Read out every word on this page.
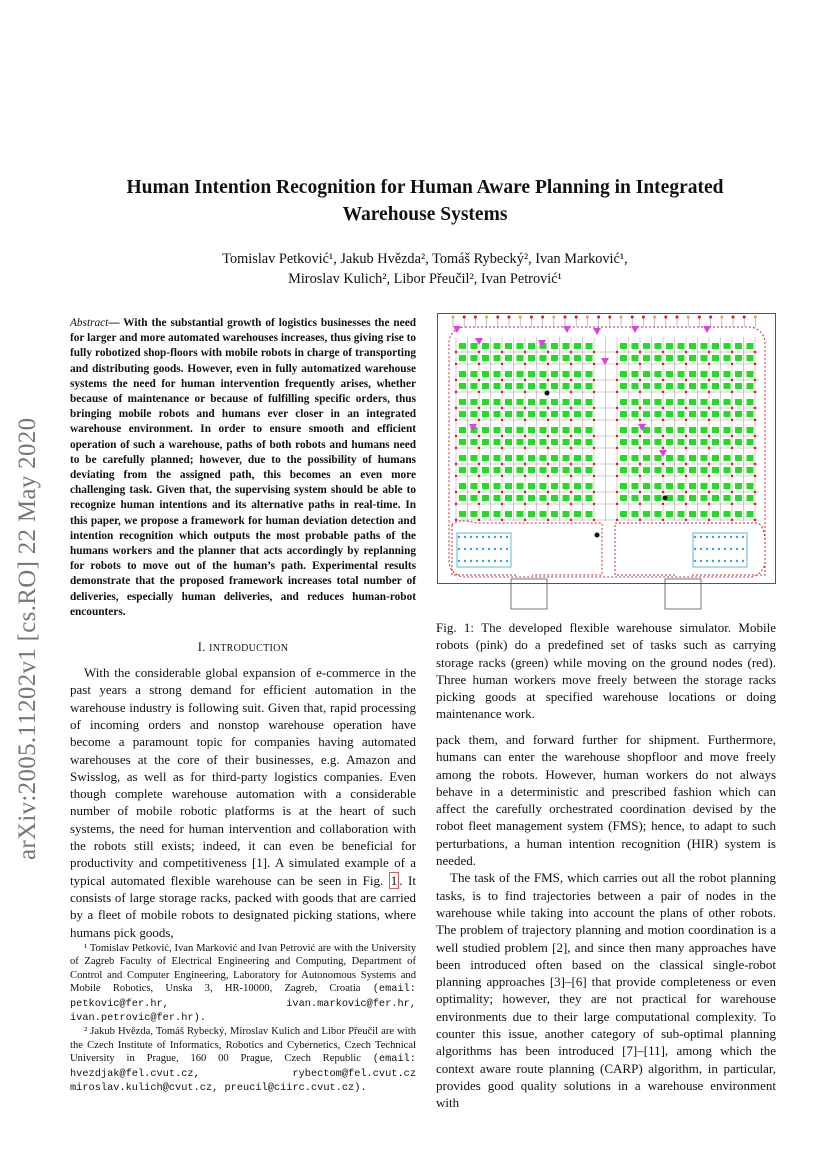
arXiv:2005.11202v1 [cs.RO] 22 May 2020
Human Intention Recognition for Human Aware Planning in Integrated
Warehouse Systems
Tomislav Petković¹, Jakub Hvězda², Tomáš Rybecký², Ivan Marković¹,
Miroslav Kulich², Libor Přeučil², Ivan Petrović¹
Abstract— With the substantial growth of logistics businesses the need for larger and more automated warehouses increases, thus giving rise to fully robotized shop-floors with mobile robots in charge of transporting and distributing goods. However, even in fully automatized warehouse systems the need for human intervention frequently arises, whether because of maintenance or because of fulfilling specific orders, thus bringing mobile robots and humans ever closer in an integrated warehouse environment. In order to ensure smooth and efficient operation of such a warehouse, paths of both robots and humans need to be carefully planned; however, due to the possibility of humans deviating from the assigned path, this becomes an even more challenging task. Given that, the supervising system should be able to recognize human intentions and its alternative paths in real-time. In this paper, we propose a framework for human deviation detection and intention recognition which outputs the most probable paths of the humans workers and the planner that acts accordingly by replanning for robots to move out of the human’s path. Experimental results demonstrate that the proposed framework increases total number of deliveries, especially human deliveries, and reduces human-robot encounters.
I. INTRODUCTION
With the considerable global expansion of e-commerce in the past years a strong demand for efficient automation in the warehouse industry is following suit. Given that, rapid processing of incoming orders and nonstop warehouse operation have become a paramount topic for companies having automated warehouses at the core of their businesses, e.g. Amazon and Swisslog, as well as for third-party logistics companies. Even though complete warehouse automation with a considerable number of mobile robotic platforms is at the heart of such systems, the need for human intervention and collaboration with the robots still exists; indeed, it can even be beneficial for productivity and competitiveness [1]. A simulated example of a typical automated flexible warehouse can be seen in Fig. 1 . It consists of large storage racks, packed with goods that are carried by a fleet of mobile robots to designated picking stations, where humans pick goods,

¹ Tomislav Petković, Ivan Marković and Ivan Petrović are with the University of Zagreb Faculty of Electrical Engineering and Computing, Department of Control and Computer Engineering, Laboratory for Autonomous Systems and Mobile Robotics, Unska 3, HR-10000, Zagreb, Croatia (email: petkovic@fer.hr, ivan.markovic@fer.hr, ivan.petrovic@fer.hr).

² Jakub Hvězda, Tomáš Rybecký, Miroslav Kulich and Libor Přeučil are with the Czech Institute of Informatics, Robotics and Cybernetics, Czech Technical University in Prague, 160 00 Prague, Czech Republic (email: hvezdjak@fel.cvut.cz, rybectom@fel.cvut.cz miroslav.kulich@cvut.cz, preucil@ciirc.cvut.cz).

Fig. 1: The developed flexible warehouse simulator. Mobile robots (pink) do a predefined set of tasks such as carrying storage racks (green) while moving on the ground nodes (red). Three human workers move freely between the storage racks picking goods at specified warehouse locations or doing maintenance work.

pack them, and forward further for shipment. Furthermore, humans can enter the warehouse shopfloor and move freely among the robots. However, human workers do not always behave in a deterministic and prescribed fashion which can affect the carefully orchestrated coordination devised by the robot fleet management system (FMS); hence, to adapt to such perturbations, a human intention recognition (HIR) system is needed.

The task of the FMS, which carries out all the robot planning tasks, is to find trajectories between a pair of nodes in the warehouse while taking into account the plans of other robots. The problem of trajectory planning and motion coordination is a well studied problem [2], and since then many approaches have been introduced often based on the classical single-robot planning approaches [3]–[6] that provide completeness or even optimality; however, they are not practical for warehouse environments due to their large computational complexity. To counter this issue, another category of sub-optimal planning algorithms has been introduced [7]–[11], among which the context aware route planning (CARP) algorithm, in particular, provides good quality solutions in a warehouse environment with
